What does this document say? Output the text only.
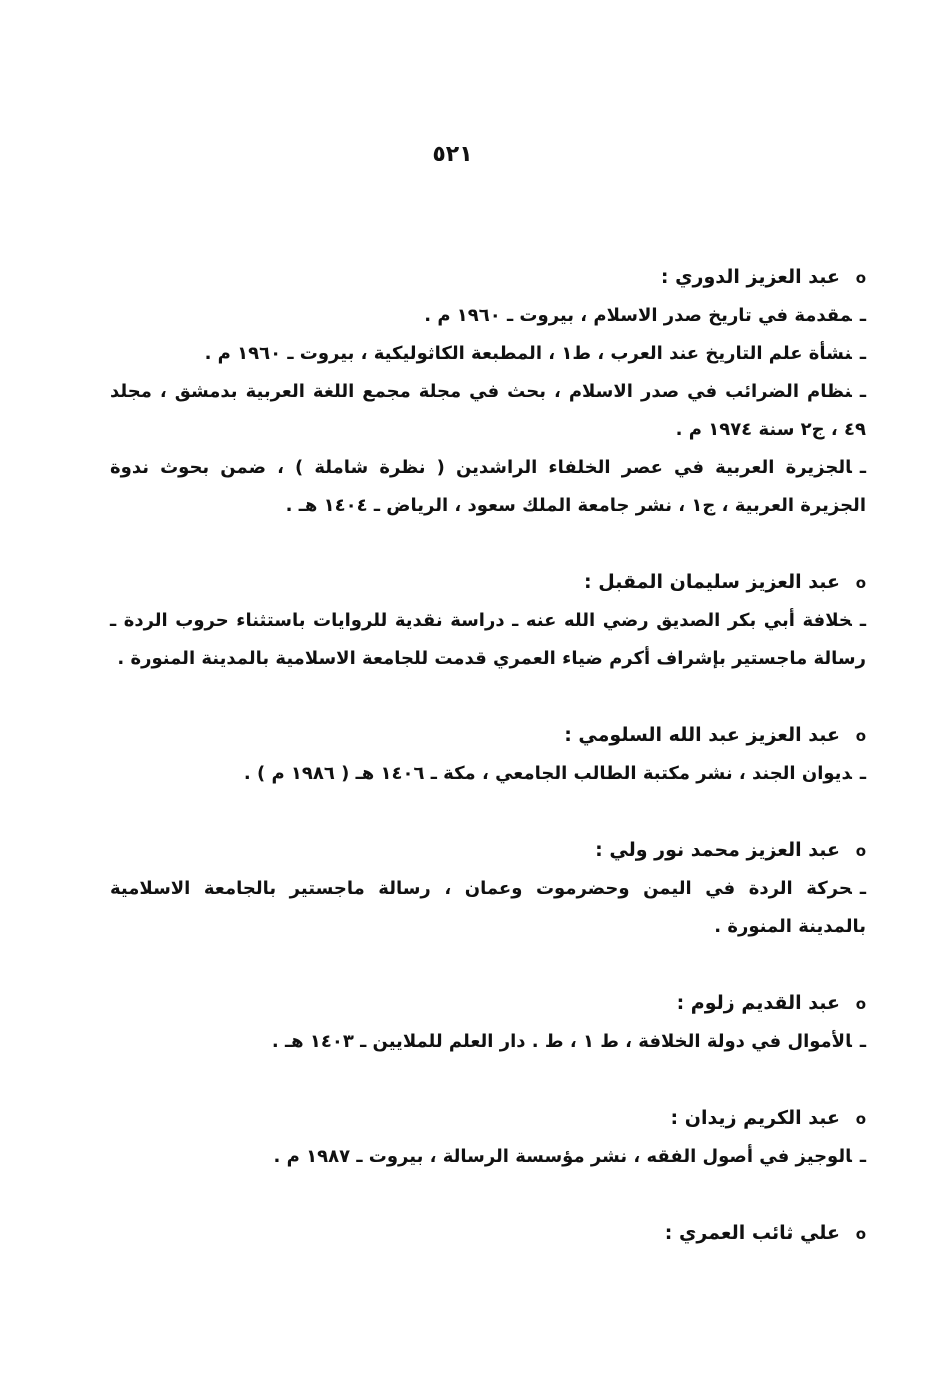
٥٢١

oعبد العزيز الدوري :

ـمقدمة في تاريخ صدر الاسلام ، بيروت ـ ١٩٦٠ م .

ـنشأة علم التاريخ عند العرب ، ط١ ، المطبعة الكاثوليكية ، بيروت ـ ١٩٦٠ م .

ـنظام الضرائب في صدر الاسلام ، بحث في مجلة مجمع اللغة العربية بدمشق ، مجلد ٤٩ ، ج٢ سنة ١٩٧٤ م .

ـالجزيرة العربية في عصر الخلفاء الراشدين ( نظرة شاملة ) ، ضمن بحوث ندوة الجزيرة العربية ، ج١ ، نشر جامعة الملك سعود ، الرياض ـ ١٤٠٤ هـ .

oعبد العزيز سليمان المقبل :

ـخلافة أبي بكر الصديق رضي الله عنه ـ دراسة نقدية للروايات باستثناء حروب الردة ـ رسالة ماجستير بإشراف أكرم ضياء العمري قدمت للجامعة الاسلامية بالمدينة المنورة .

oعبد العزيز عبد الله السلومي :

ـديوان الجند ، نشر مكتبة الطالب الجامعي ، مكة ـ ١٤٠٦ هـ ( ١٩٨٦ م ) .

oعبد العزيز محمد نور ولي :

ـحركة الردة في اليمن وحضرموت وعمان ، رسالة ماجستير بالجامعة الاسلامية بالمدينة المنورة .

oعبد القديم زلوم :

ـالأموال في دولة الخلافة ، ط ١ ، ط . دار العلم للملايين ـ ١٤٠٣ هـ .

oعبد الكريم زيدان :

ـالوجيز في أصول الفقه ، نشر مؤسسة الرسالة ، بيروت ـ ١٩٨٧ م .

oعلي ثائب العمري :
